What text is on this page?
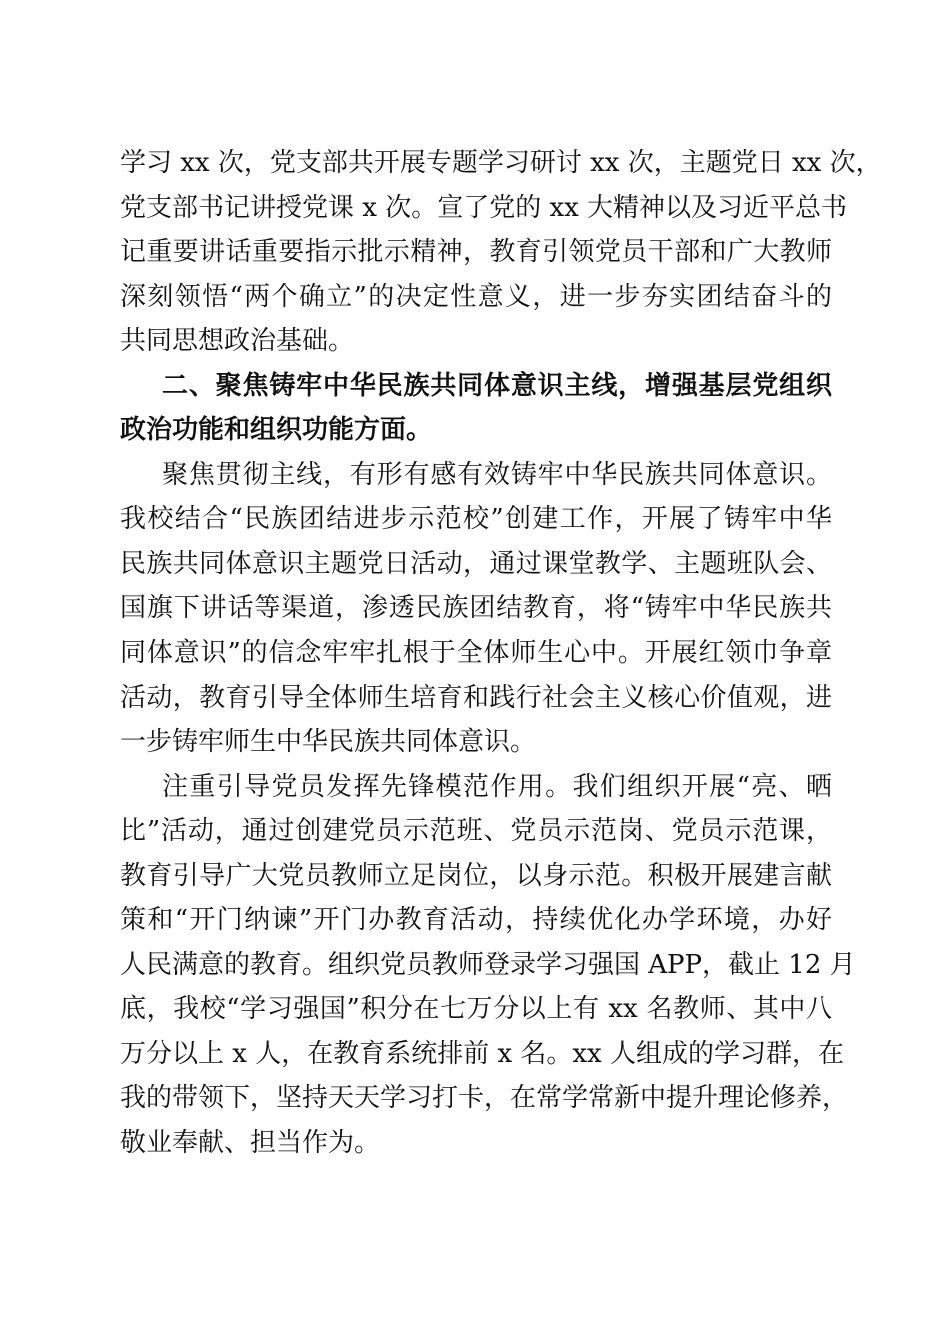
学习 xx 次，党支部共开展专题学习研讨 xx 次，主题党日 xx 次，
党支部书记讲授党课 x 次。宣了党的 xx 大精神以及习近平总书
记重要讲话重要指示批示精神，教育引领党员干部和广大教师
深刻领悟“两个确立”的决定性意义，进一步夯实团结奋斗的
共同思想政治基础。
二、聚焦铸牢中华民族共同体意识主线，增强基层党组织
政治功能和组织功能方面。
聚焦贯彻主线，有形有感有效铸牢中华民族共同体意识。
我校结合“民族团结进步示范校”创建工作，开展了铸牢中华
民族共同体意识主题党日活动，通过课堂教学、主题班队会、
国旗下讲话等渠道，渗透民族团结教育，将“铸牢中华民族共
同体意识”的信念牢牢扎根于全体师生心中。开展红领巾争章
活动，教育引导全体师生培育和践行社会主义核心价值观，进
一步铸牢师生中华民族共同体意识。
注重引导党员发挥先锋模范作用。我们组织开展“亮、晒
比”活动，通过创建党员示范班、党员示范岗、党员示范课，
教育引导广大党员教师立足岗位，以身示范。积极开展建言献
策和“开门纳谏”开门办教育活动，持续优化办学环境，办好
人民满意的教育。组织党员教师登录学习强国 APP，截止 12 月
底，我校“学习强国”积分在七万分以上有 xx 名教师、其中八
万分以上 x 人，在教育系统排前 x 名。xx 人组成的学习群，在
我的带领下，坚持天天学习打卡，在常学常新中提升理论修养，
敬业奉献、担当作为。
